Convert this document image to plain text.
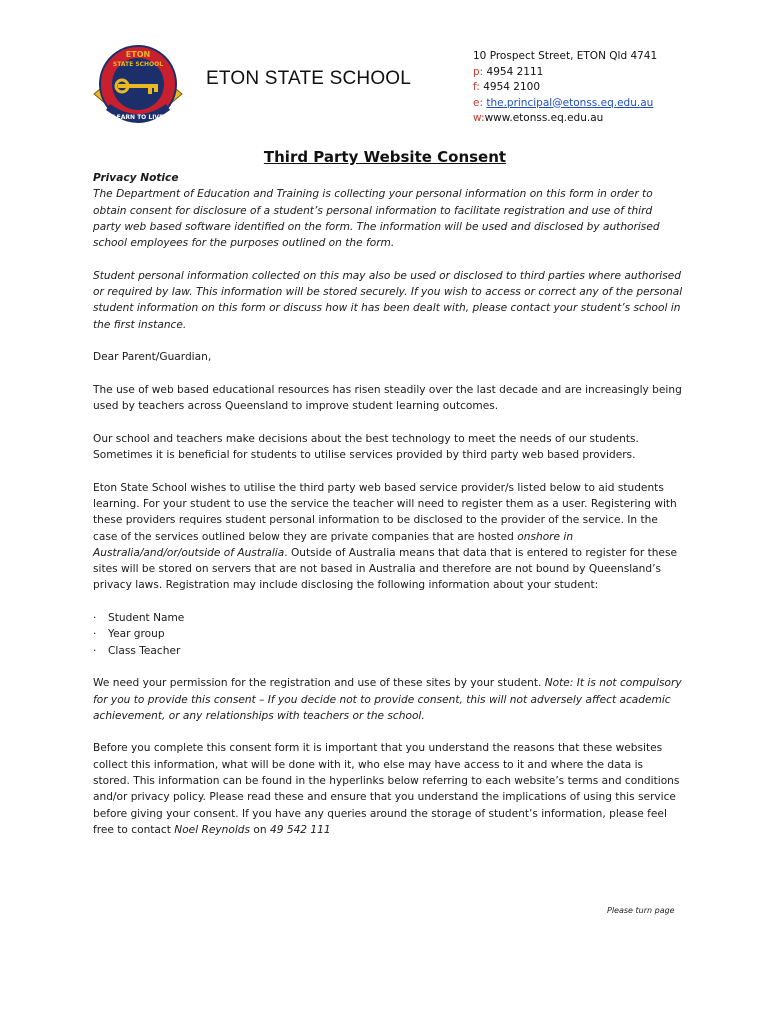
ETON
STATE SCHOOL
LEARN TO LIVE
ETON STATE SCHOOL
10 Prospect Street, ETON Qld 4741
p: 4954 2111
f: 4954 2100
e: the.principal@etonss.eq.edu.au
w:www.etonss.eq.edu.au
Third Party Website Consent
Privacy Notice

The Department of Education and Training is collecting your personal information on this form in order to obtain consent for disclosure of a student’s personal information to facilitate registration and use of third party web based software identified on the form. The information will be used and disclosed by authorised school employees for the purposes outlined on the form.

Student personal information collected on this may also be used or disclosed to third parties where authorised or required by law. This information will be stored securely. If you wish to access or correct any of the personal student information on this form or discuss how it has been dealt with, please contact your student’s school in the first instance.

Dear Parent/Guardian,

The use of web based educational resources has risen steadily over the last decade and are increasingly being used by teachers across Queensland to improve student learning outcomes.

Our school and teachers make decisions about the best technology to meet the needs of our students. Sometimes it is beneficial for students to utilise services provided by third party web based providers.

Eton State School wishes to utilise the third party web based service provider/s listed below to aid students learning. For your student to use the service the teacher will need to register them as a user. Registering with these providers requires student personal information to be disclosed to the provider of the service. In the case of the services outlined below they are private companies that are hosted onshore in Australia/and/or/outside of Australia. Outside of Australia means that data that is entered to register for these sites will be stored on servers that are not based in Australia and therefore are not bound by Queensland’s privacy laws. Registration may include disclosing the following information about your student:

· Student Name
· Year group
· Class Teacher

We need your permission for the registration and use of these sites by your student. Note: It is not compulsory for you to provide this consent – If you decide not to provide consent, this will not adversely affect academic achievement, or any relationships with teachers or the school.

Before you complete this consent form it is important that you understand the reasons that these websites collect this information, what will be done with it, who else may have access to it and where the data is stored. This information can be found in the hyperlinks below referring to each website’s terms and conditions and/or privacy policy. Please read these and ensure that you understand the implications of using this service before giving your consent. If you have any queries around the storage of student’s information, please feel free to contact Noel Reynolds on 49 542 111

Please turn page
